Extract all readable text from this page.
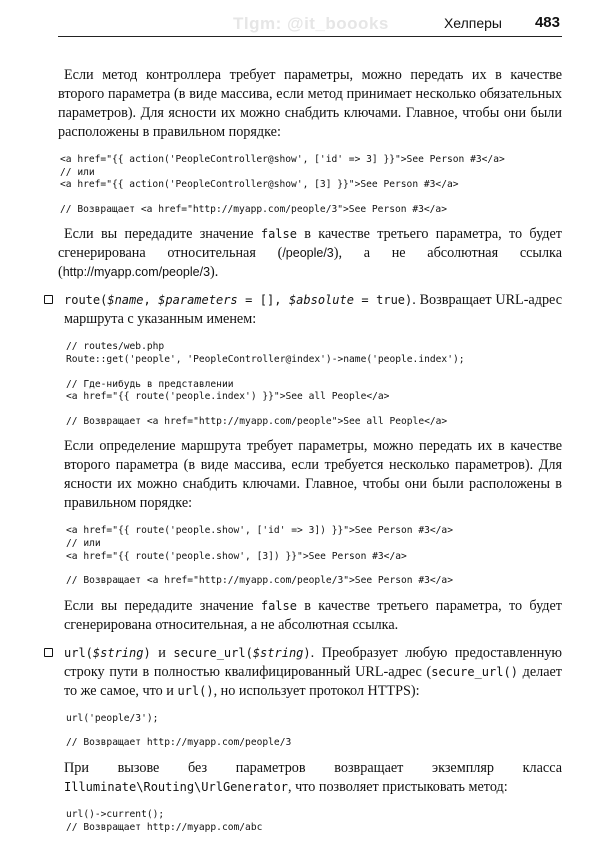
Tlgm: @it_boooks	Хелперы 483

Если метод контроллера требует параметры, можно передать их в качестве второго параметра (в виде массива, если метод принимает несколько обязательных параметров). Для ясности их можно снабдить ключами. Главное, чтобы они были расположены в правильном порядке:

<a href="{{ action('PeopleController@show', ['id' => 3] }}">See Person #3</a>
// или
<a href="{{ action('PeopleController@show', [3] }}">See Person #3</a>
// Возвращает <a href="http://myapp.com/people/3">See Person #3</a>

Если вы передадите значение false в качестве третьего параметра, то будет сгенерирована относительная (/people/3), а не абсолютная ссылка (http://myapp.com/people/3).

route($name, $parameters = [], $absolute = true). Возвращает URL-адрес маршрута с указанным именем:

// routes/web.php
Route::get('people', 'PeopleController@index')->name('people.index');
// Где-нибудь в представлении
<a href="{{ route('people.index') }}">See all People</a>
// Возвращает <a href="http://myapp.com/people">See all People</a>

Если определение маршрута требует параметры, можно передать их в качестве второго параметра (в виде массива, если требуется несколько параметров). Для ясности их можно снабдить ключами. Главное, чтобы они были расположены в правильном порядке:

<a href="{{ route('people.show', ['id' => 3]) }}">See Person #3</a>
// или
<a href="{{ route('people.show', [3]) }}">See Person #3</a>
// Возвращает <a href="http://myapp.com/people/3">See Person #3</a>

Если вы передадите значение false в качестве третьего параметра, то будет сгенерирована относительная, а не абсолютная ссылка.

url($string) и secure_url($string). Преобразует любую предоставленную строку пути в полностью квалифицированный URL-адрес (secure_url() делает то же самое, что и url(), но использует протокол HTTPS):

url('people/3');
// Возвращает http://myapp.com/people/3

При вызове без параметров возвращает экземпляр класса Illuminate\Routing\UrlGenerator, что позволяет пристыковать метод:

url()->current();
// Возвращает http://myapp.com/abc
